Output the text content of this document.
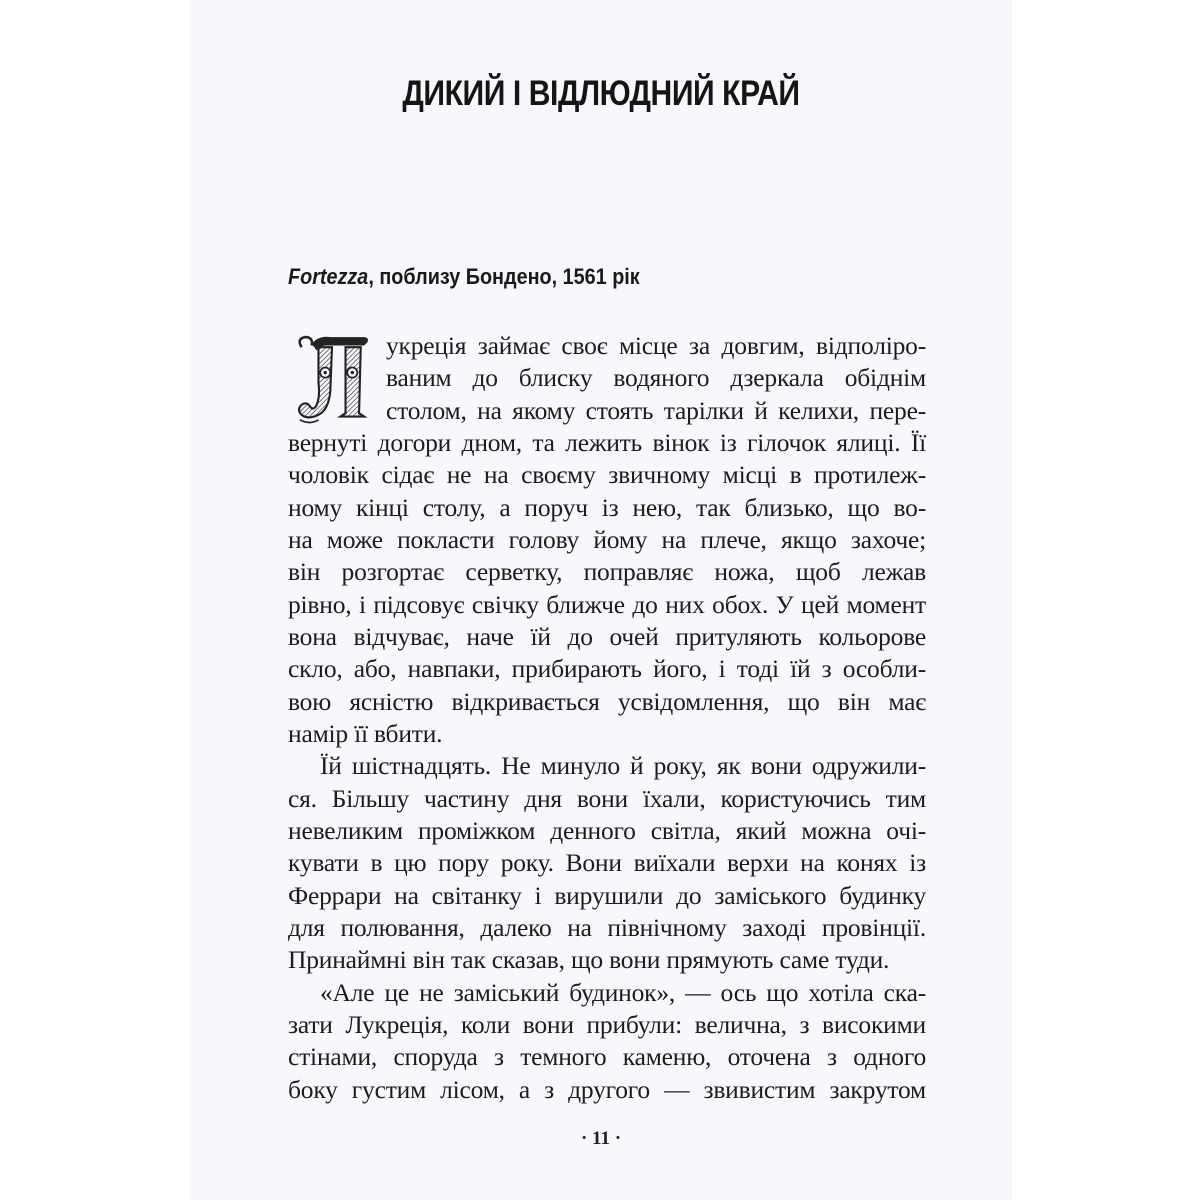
ДИКИЙ І ВІДЛЮДНИЙ КРАЙ

Fortezza, поблизу Бондено, 1561 рік

укреція займає своє місце за довгим, відполіро-
ваним до блиску водяного дзеркала обіднім
столом, на якому стоять тарілки й келихи, пере-
вернуті догори дном, та лежить вінок із гілочок ялиці. Її
чоловік сідає не на своєму звичному місці в протилеж-
ному кінці столу, а поруч із нею, так близько, що во-
на може покласти голову йому на плече, якщо захоче;
він розгортає серветку, поправляє ножа, щоб лежав
рівно, і підсовує свічку ближче до них обох. У цей момент
вона відчуває, наче їй до очей притуляють кольорове
скло, або, навпаки, прибирають його, і тоді їй з особли-
вою ясністю відкривається усвідомлення, що він має
намір її вбити.
Їй шістнадцять. Не минуло й року, як вони одружили-
ся. Більшу частину дня вони їхали, користуючись тим
невеликим проміжком денного світла, який можна очі-
кувати в цю пору року. Вони виїхали верхи на конях із
Феррари на світанку і вирушили до заміського будинку
для полювання, далеко на північному заході провінції.
Принаймні він так сказав, що вони прямують саме туди.
«Але це не заміський будинок», — ось що хотіла ска-
зати Лукреція, коли вони прибули: велична, з високими
стінами, споруда з темного каменю, оточена з одного
боку густим лісом, а з другого — звивистим закрутом
· 11 ·
